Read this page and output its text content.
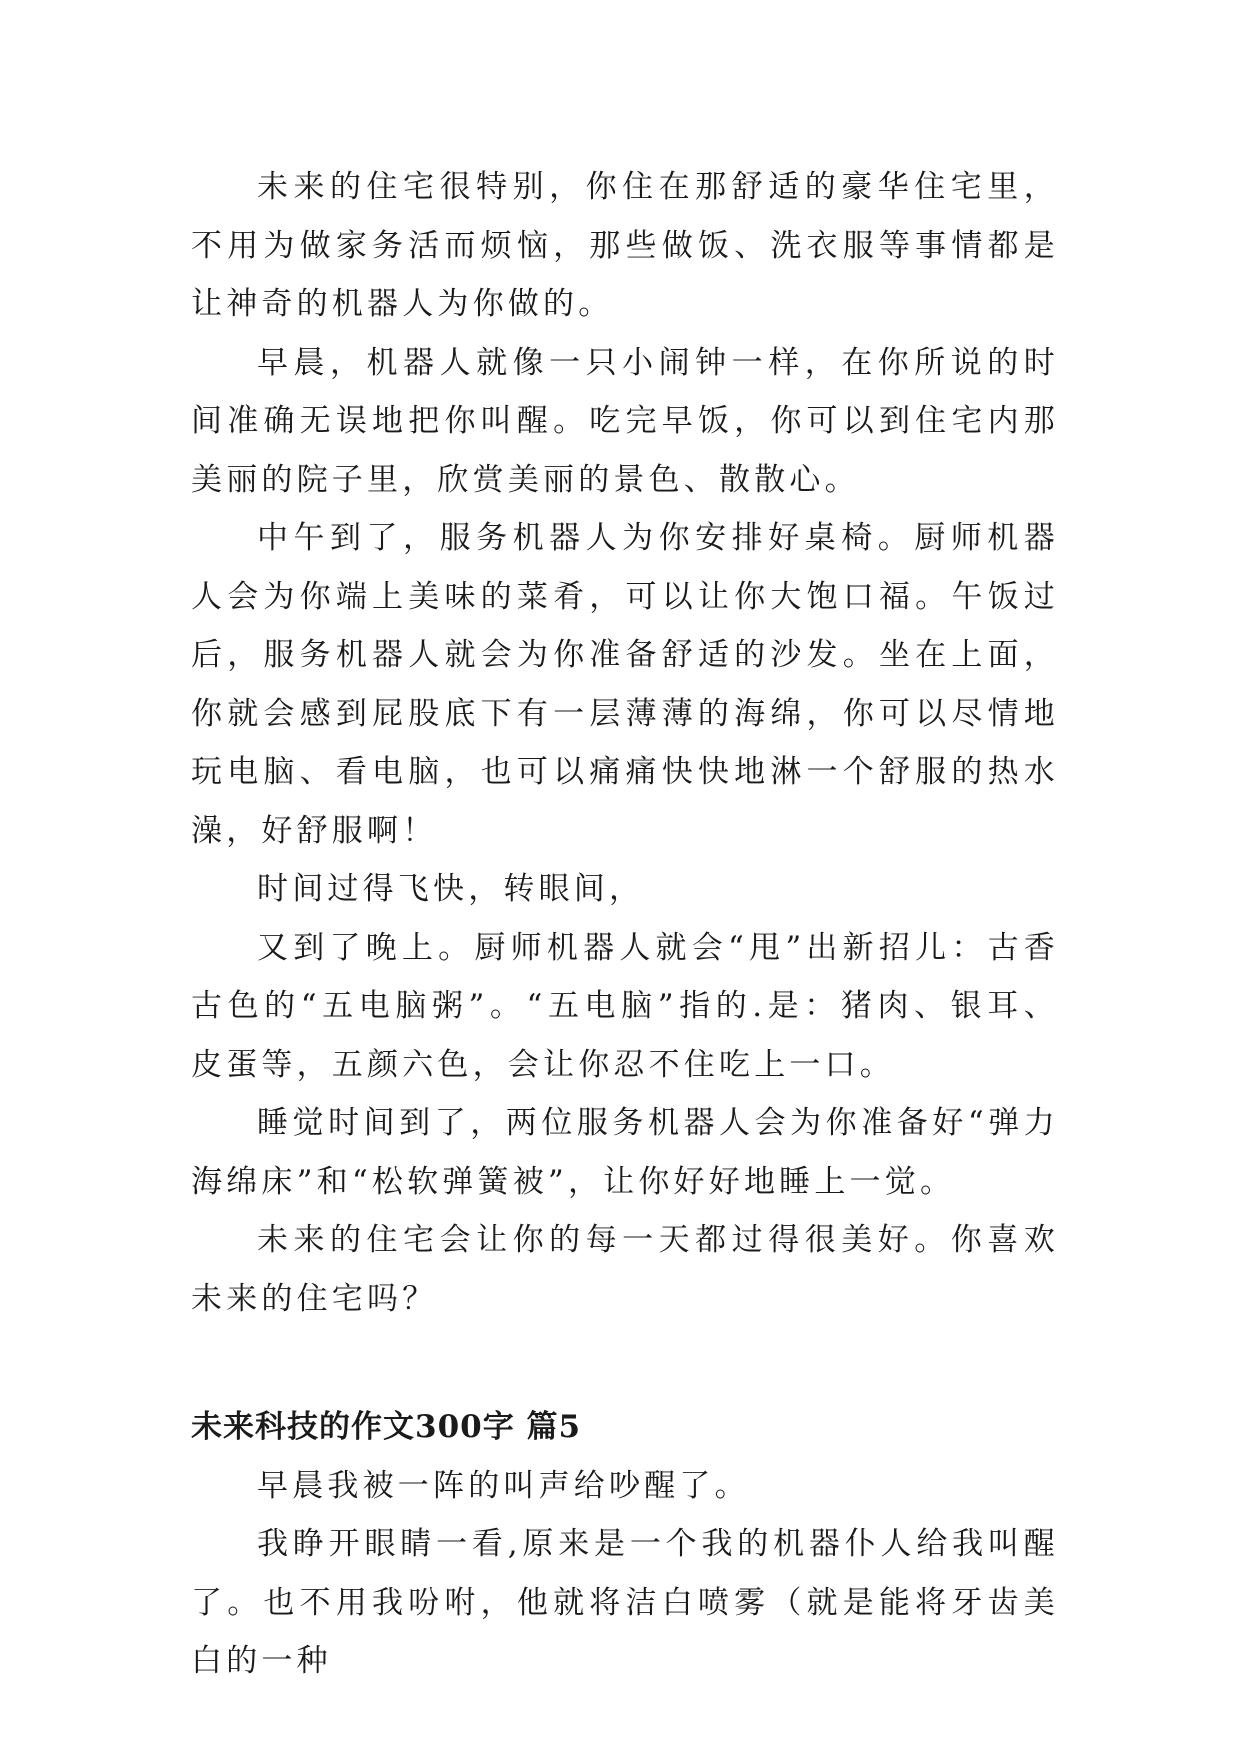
未来的住宅很特别，你住在那舒适的豪华住宅里，不用为做家务活而烦恼，那些做饭、洗衣服等事情都是让神奇的机器人为你做的。

早晨，机器人就像一只小闹钟一样，在你所说的时间准确无误地把你叫醒。吃完早饭，你可以到住宅内那美丽的院子里，欣赏美丽的景色、散散心。

中午到了，服务机器人为你安排好桌椅。厨师机器人会为你端上美味的菜肴，可以让你大饱口福。午饭过后，服务机器人就会为你准备舒适的沙发。坐在上面，你就会感到屁股底下有一层薄薄的海绵，你可以尽情地玩电脑、看电脑，也可以痛痛快快地淋一个舒服的热水澡，好舒服啊！

时间过得飞快，转眼间，

又到了晚上。厨师机器人就会“甩”出新招儿：古香古色的“五电脑粥”。“五电脑”指的.是：猪肉、银耳、皮蛋等，五颜六色，会让你忍不住吃上一口。

睡觉时间到了，两位服务机器人会为你准备好“弹力海绵床”和“松软弹簧被”，让你好好地睡上一觉。

未来的住宅会让你的每一天都过得很美好。你喜欢未来的住宅吗？

未来科技的作文300字 篇5

早晨我被一阵的叫声给吵醒了。

我睁开眼睛一看,原来是一个我的机器仆人给我叫醒了。也不用我吩咐，他就将洁白喷雾（就是能将牙齿美白的一种
